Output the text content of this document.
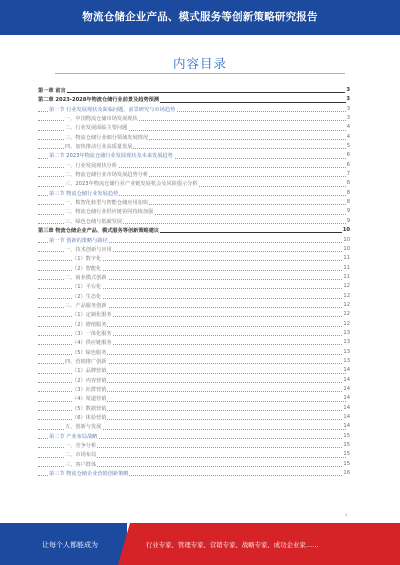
物流仓储企业产品、模式服务等创新策略研究报告
内容目录
第一章 前言	3
第二章 2023-2028年物流仓储行业前景及趋势预测	3
第一节 行业发展现状及面临问题，前景研究与市场趋势	3
一、中国物流仓储市场发展现状	3
二、行业发展面临主要问题	4
三、物流仓储行业细分领域发展情况	4
四、加快推动行业高质量发展	5
第二节 2023年物流仓储行业发展现状及未来发展趋势	6
一、行业发展现状分析	6
二、物流仓储行业市场发展趋势分析	7
三、2023年物流仓储行业产业链发展机会及风险提示分析	8
第三节 物流仓储行业发展趋势	8
一、数智化转型与智能仓储应用加快	8
二、物流仓储行业供应链协同持续加强	9
三、绿色仓储与低碳发展	9
第三章 物流仓储企业产品、模式服务等创新策略建议	10
第一节 创新的策略与路径	10
一、技术创新与应用	10
（1）数字化	11
（2）智能化	11
二、商业模式创新	11
（1）平台化	12
（2）生态化	12
三、产品服务创新	12
（1）定制化服务	12
（2）增值服务	12
（3）一体化服务	13
（4）供应链服务	13
（5）绿色服务	13
四、营销推广创新	13
（1）品牌营销	14
（2）内容营销	14
（3）社群营销	14
（4）渠道营销	14
（5）数据营销	14
（6）体验营销	14
五、创新与发展	14
第二节 产业布局战略	15
一、竞争分析	15
二、市场布局	15
三、客户群体	15
第三节 物流仓储企业营销创新策略	16
1
让每个人都能成为	行业专家、管理专家、营销专家、战略专家、成功企业家……
